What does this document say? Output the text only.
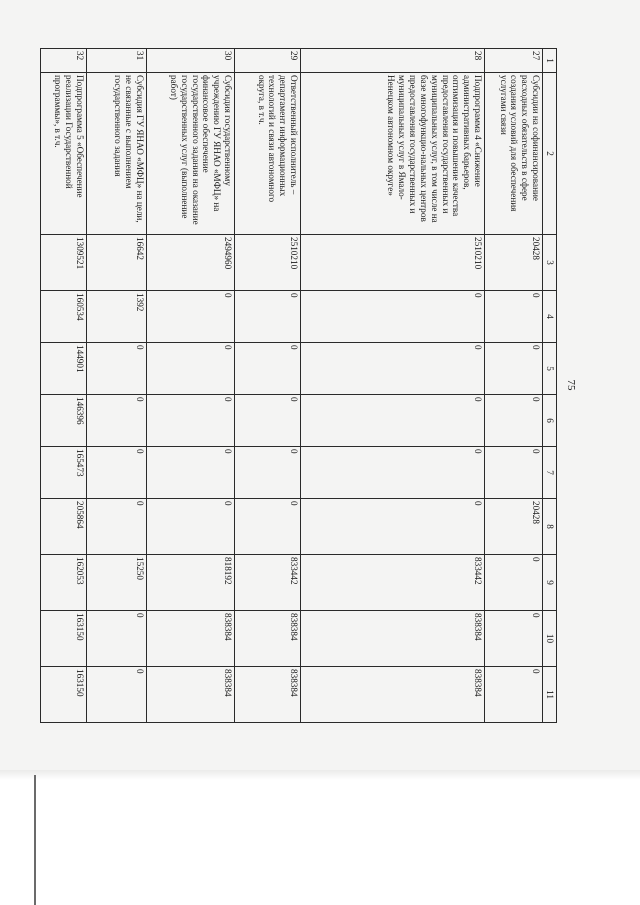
75
1	2	3	4	5	6	7	8	9	10	11
27	Субсидии на софинансирование расходных обязательств в сфере создания условий для обеспечения услугами связи	20428	0	0	0	0	20428	0	0	0
28	Подпрограмма 4 «Снижение административных барьеров, оптимизация и повышение качества предоставления государственных и муниципальных услуг, в том числе на базе многофункцио-нальных центров предоставления государственных и муниципальных услуг в Ямало-Ненецком автономном округе»	2510210	0	0	0	0	0	833442	838384	838384
29	Ответственный исполнитель – департамент информационных технологий и связи автономного округа, в т.ч.	2510210	0	0	0	0	0	833442	838384	838384
30	Субсидия государственному учреждению ГУ ЯНАО «МФЦ» на финансовое обеспечение государственного задания на оказание государственных услуг (выполнение работ)	2494960	0	0	0	0	0	818192	838384	838384
31	Субсидия ГУ ЯНАО «МФЦ» на цели, не связанные с выполнением государственного задания	16642	1392	0	0	0	0	15250	0	0
32	Подпрограмма 5 «Обеспечение реализации Государственной программы», в т.ч.	1309521	160534	144901	146396	165473	205864	162053	163150	163150
